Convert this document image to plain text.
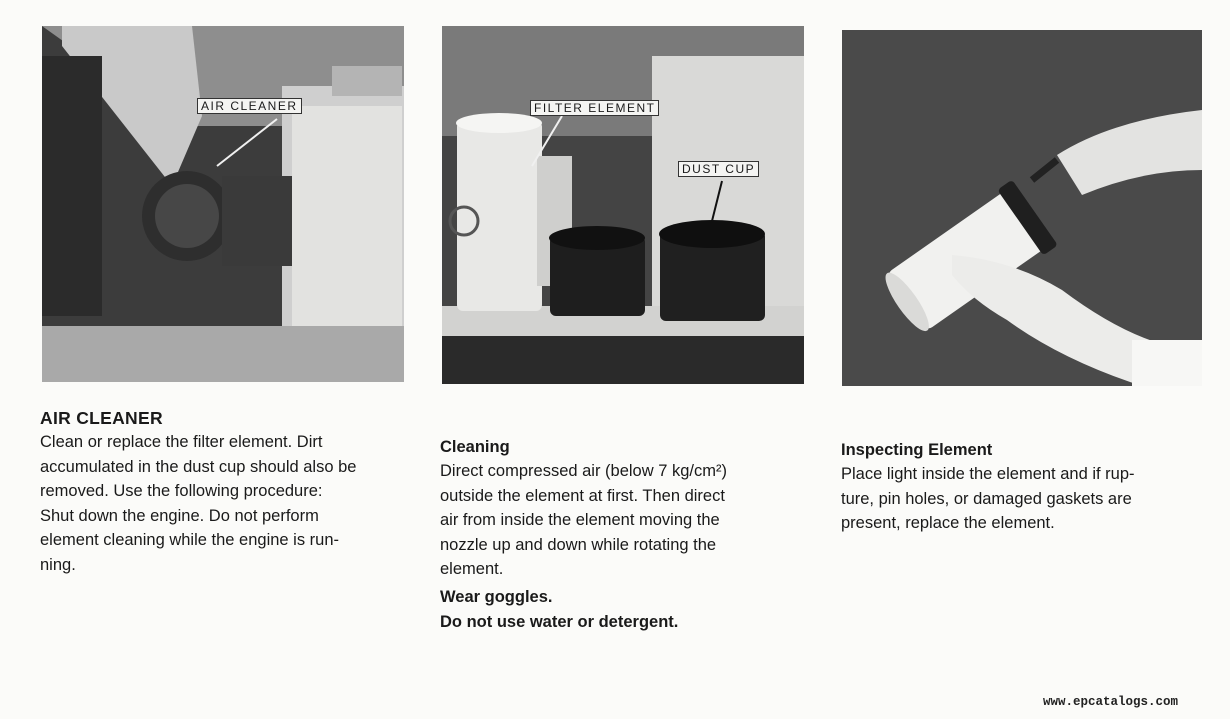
AIR CLEANER	FILTER ELEMENT
DUST CUP
AIR CLEANER

Clean or replace the filter element. Dirt

accumulated in the dust cup should also be

removed. Use the following procedure:

Shut down the engine. Do not perform

element cleaning while the engine is run-

ning.

Cleaning

Direct compressed air (below 7 kg/cm²)

outside the element at first. Then direct

air from inside the element moving the

nozzle up and down while rotating the

element.

Wear goggles.

Do not use water or detergent.

Inspecting Element

Place light inside the element and if rup-

ture, pin holes, or damaged gaskets are

present, replace the element.

www.epcatalogs.com
